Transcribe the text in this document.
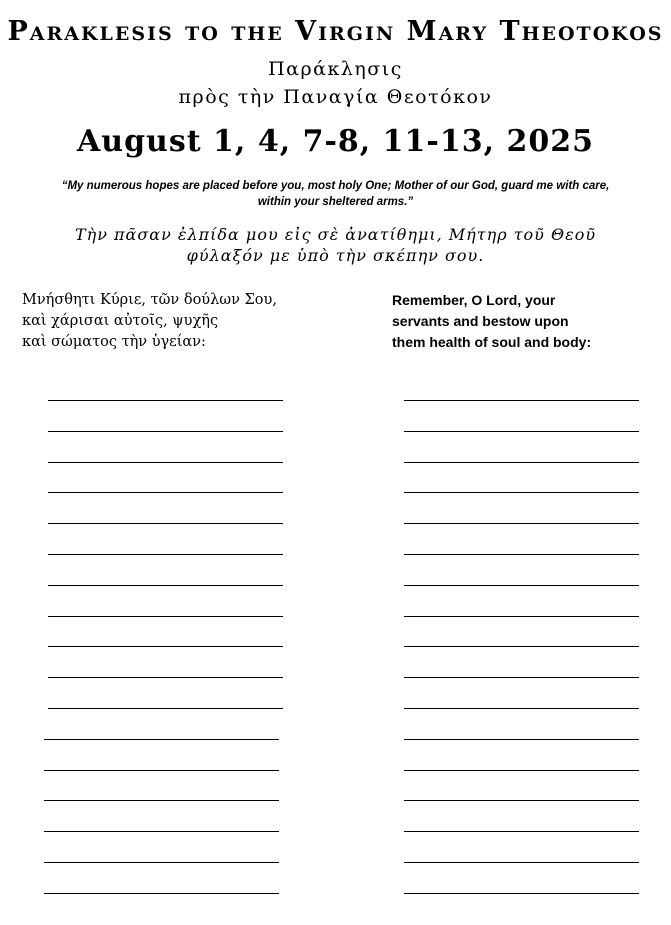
Paraklesis to the Virgin Mary Theotokos
Παράκλησις
πρὸς τὴν Παναγία Θεοτόκον
August 1, 4, 7-8, 11-13, 2025
“My numerous hopes are placed before you, most holy One; Mother of our God, guard me with care,
within your sheltered arms.”
Τὴν πᾶσαν ἐλπίδα μου εἰς σὲ ἀνατίθημι, Μήτηρ τοῦ Θεοῦ
φύλαξόν με ὑπὸ τὴν σκέπην σου.
Μνήσθητι Κύριε, τῶν δούλων Σου,
καὶ χάρισαι αὐτοῖς, ψυχῆς
καὶ σώματος τὴν ὑγείαν:
Remember, O Lord, your
servants and bestow upon
them health of soul and body:
